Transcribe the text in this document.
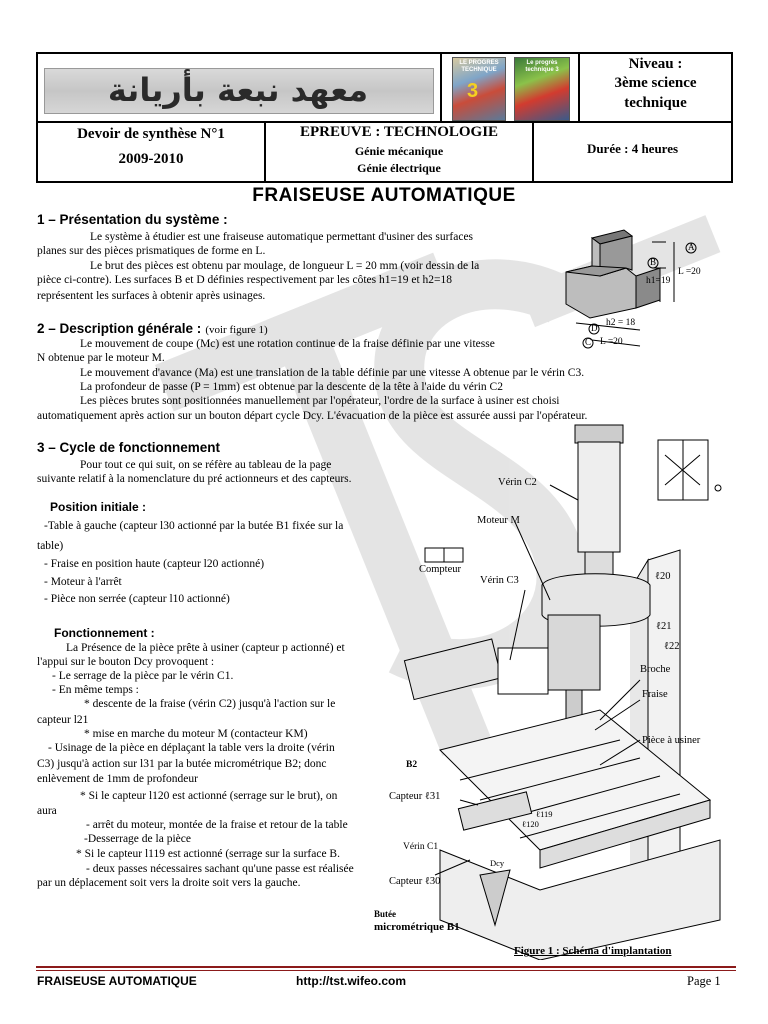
معهد نبعة بأريانة
LE PROGRES TECHNIQUE
3
Le progrès technique 3	Niveau :
3ème science
technique
Devoir de synthèse N°1
2009-2010
EPREUVE : TECHNOLOGIE
Génie mécanique
Génie électrique
Durée : 4 heures
FRAISEUSE AUTOMATIQUE
1 – Présentation du système :
Le système à étudier est une fraiseuse automatique permettant d'usiner des surfaces
planes sur des pièces prismatiques de forme en L.
Le brut des pièces est obtenu par moulage, de longueur L = 20 mm (voir dessin de la
pièce ci-contre). Les surfaces B et D définies respectivement par les côtes h1=19 et h2=18
représentent les surfaces à obtenir après usinages.
A
B
D
C
L =20
h1=19
h2 = 18
L =20
2 – Description générale : (voir figure 1)
Le mouvement de coupe (Mc) est une rotation continue de la fraise définie par une vitesse
N obtenue par le moteur M.
Le mouvement d'avance (Ma) est une translation de la table définie par une vitesse A obtenue par le vérin C3.
La profondeur de passe (P = 1mm) est obtenue par la descente de la tête à l'aide du vérin C2
Les pièces brutes sont positionnées manuellement par l'opérateur, l'ordre de la surface à usiner est choisi
automatiquement après action sur un bouton départ cycle Dcy. L'évacuation de la pièce est assurée aussi par l'opérateur.
3 – Cycle de fonctionnement
Pour tout ce qui suit, on se réfère au tableau de la page
suivante relatif à la nomenclature du pré actionneurs et des capteurs.
Position initiale :
-Table à gauche (capteur l30 actionné par la butée B1 fixée sur la
table)
- Fraise en position haute (capteur l20 actionné)
- Moteur à l'arrêt
- Pièce non serrée (capteur l10 actionné)
Fonctionnement :
La Présence de la pièce prête à usiner (capteur p actionné) et
l'appui sur le bouton Dcy provoquent :
- Le serrage de la pièce par le vérin C1.
- En même temps :
* descente de la fraise (vérin C2) jusqu'à l'action sur le
capteur l21
* mise en marche du moteur M (contacteur KM)
- Usinage de la pièce en déplaçant la table vers la droite (vérin
C3) jusqu'à action sur l31 par la butée micrométrique B2; donc
enlèvement de 1mm de profondeur
* Si le capteur l120 est actionné (serrage sur le brut), on
aura
- arrêt du moteur, montée de la fraise et retour de la table
-Desserrage de la pièce
* Si le capteur l119 est actionné (serrage sur la surface B.
- deux passes nécessaires sachant qu'une passe est réalisée
par un déplacement soit vers la droite soit vers la gauche.
Vérin C2
Moteur M
Compteur
Vérin C3	ℓ20
ℓ21
ℓ22
Broche
Fraise
Pièce à usiner
B2
Capteur ℓ31
ℓ119
ℓ120
Vérin C1
Dcy
Capteur ℓ30
Butée
micrométrique B1
Figure 1 : Schéma d'implantation
FRAISEUSE AUTOMATIQUE	http://tst.wifeo.com	Page 1
